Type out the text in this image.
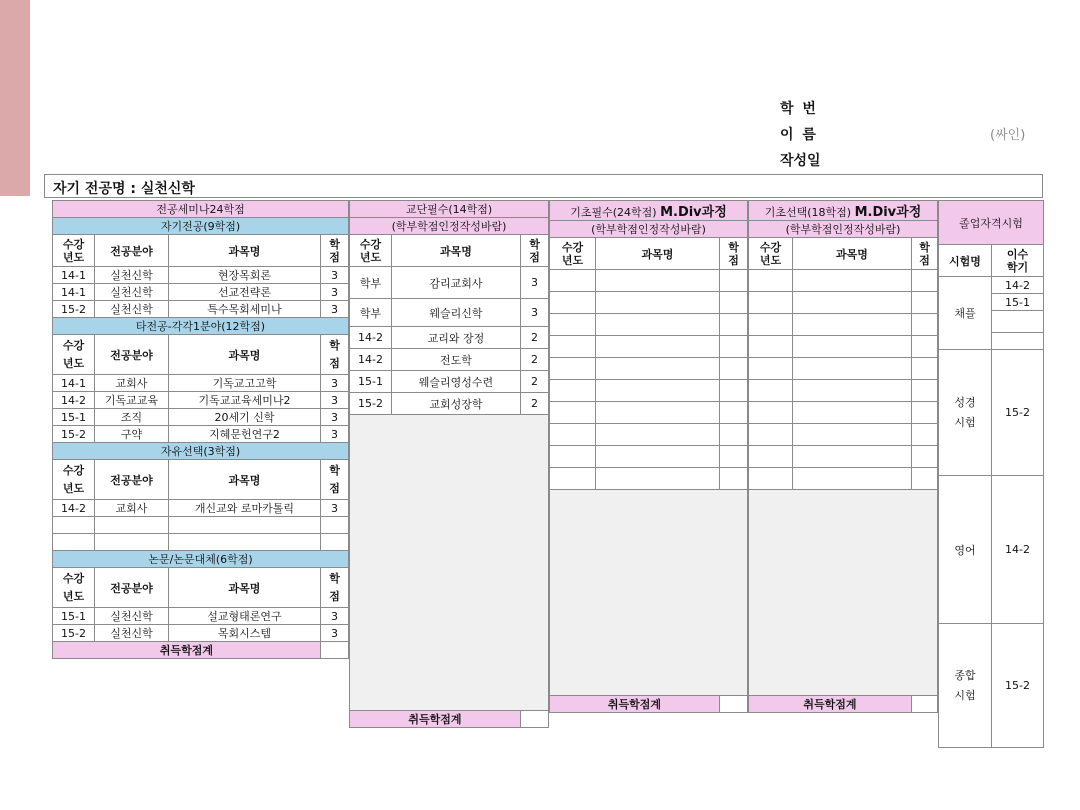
학 번
이 름
작성일
(싸인)
자기 전공명 : 실천신학
전공세미나24학점			
자기전공(9학점)			
수강
년도	전공분야	과목명	학
점
14-1	실천신학	현장목회론	3
14-1	실천신학	선교전략론	3
15-2	실천신학	특수목회세미나	3
타전공-각각1분야(12학점)			
수강
년도	전공분야	과목명	학
점
14-1	교회사	기독교고고학	3
14-2	기독교교육	기독교교육세미나2	3
15-1	조직	20세기 신학	3
15-2	구약	지혜문헌연구2	3
자유선택(3학점)			
수강
년도	전공분야	과목명	학
점
14-2	교회사	개신교와 로마카톨릭	3

논문/논문대체(6학점)			
수강
년도	전공분야	과목명	학
점
15-1	실천신학	설교형태론연구	3
15-2	실천신학	목회시스템	3
취득학점계			
교단필수(14학점)		
(학부학점인정작성바람)		
수강
년도	과목명	학
점
학부	감리교회사	3
학부	웨슬리신학	3
14-2	교리와 장정	2
14-2	전도학	2
15-1	웨슬리영성수련	2
15-2	교회성장학	2

취득학점계		
기초필수(24학점) M.Div과정		
(학부학점인정작성바람)		
수강
년도	과목명	학
점

취득학점계		
기초선택(18학점) M.Div과정		
(학부학점인정작성바람)		
수강
년도	과목명	학
점

취득학점계		
졸업자격시험	
시험명	이수
학기
채플	14-2
	15-1

성경
시험	15-2
영어	14-2
종합
시험	15-2
